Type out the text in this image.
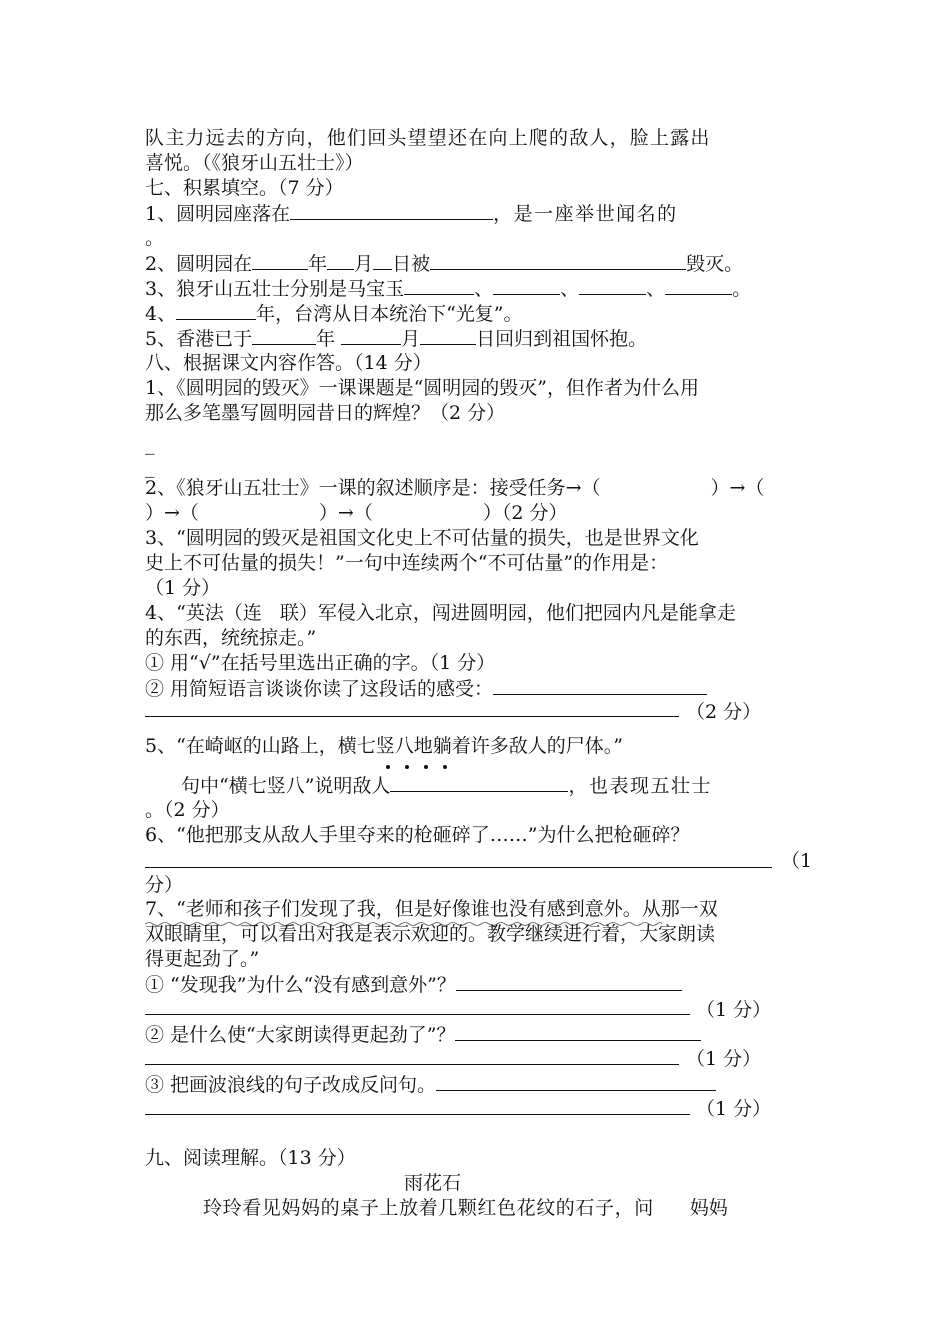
队主力远去的方向，他们回头望望还在向上爬的敌人，脸上露出
喜悦。（《狼牙山五壮士》）
七、积累填空。（7 分）
1、圆明园座落在	，是一座举世闻名的
。
2、圆明园在	年 月 日被	毁灭。
3、狼牙山五壮士分别是马宝玉	、	、	、	。
4、	年，台湾从日本统治下“光复”。
5、香港已于	年	月	日回归到祖国怀抱。
八、根据课文内容作答。（14 分）
1、《圆明园的毁灭》一课课题是“圆明园的毁灭”，但作者为什么用
那么多笔墨写圆明园昔日的辉煌？（2 分）
_
_
2、《狼牙山五壮士》一课的叙述顺序是：接受任务→（	）→（
）→（	）→（	）（2 分）
3、“圆明园的毁灭是祖国文化史上不可估量的损失，也是世界文化
史上不可估量的损失！”一句中连续两个“不可估量”的作用是：
（1 分）
4、“英法（连   联）军侵入北京，闯进圆明园，他们把园内凡是能拿走
的东西，统统掠走。”
① 用“√”在括号里选出正确的字。（1 分）
② 用简短语言谈谈你读了这段话的感受：
（2 分）
5、“在崎岖的山路上，横七竖八地躺着许多敌人的尸体。”
句中“横七竖八”说明敌人	，也表现五壮士
。（2 分）
6、“他把那支从敌人手里夺来的枪砸碎了……”为什么把枪砸碎？
（1
分）
7、“老师和孩子们发现了我，但是好像谁也没有感到意外。从那一双
双眼睛里，可以看出对我是表示欢迎的。教学继续进行着，大家朗读
得更起劲了。”
① “发现我”为什么“没有感到意外”？
（1 分）
② 是什么使“大家朗读得更起劲了”？
（1 分）
③ 把画波浪线的句子改成反问句。
（1 分）
九、阅读理解。（13 分）
雨花石
玲玲看见妈妈的桌子上放着几颗红色花纹的石子，问 妈妈
